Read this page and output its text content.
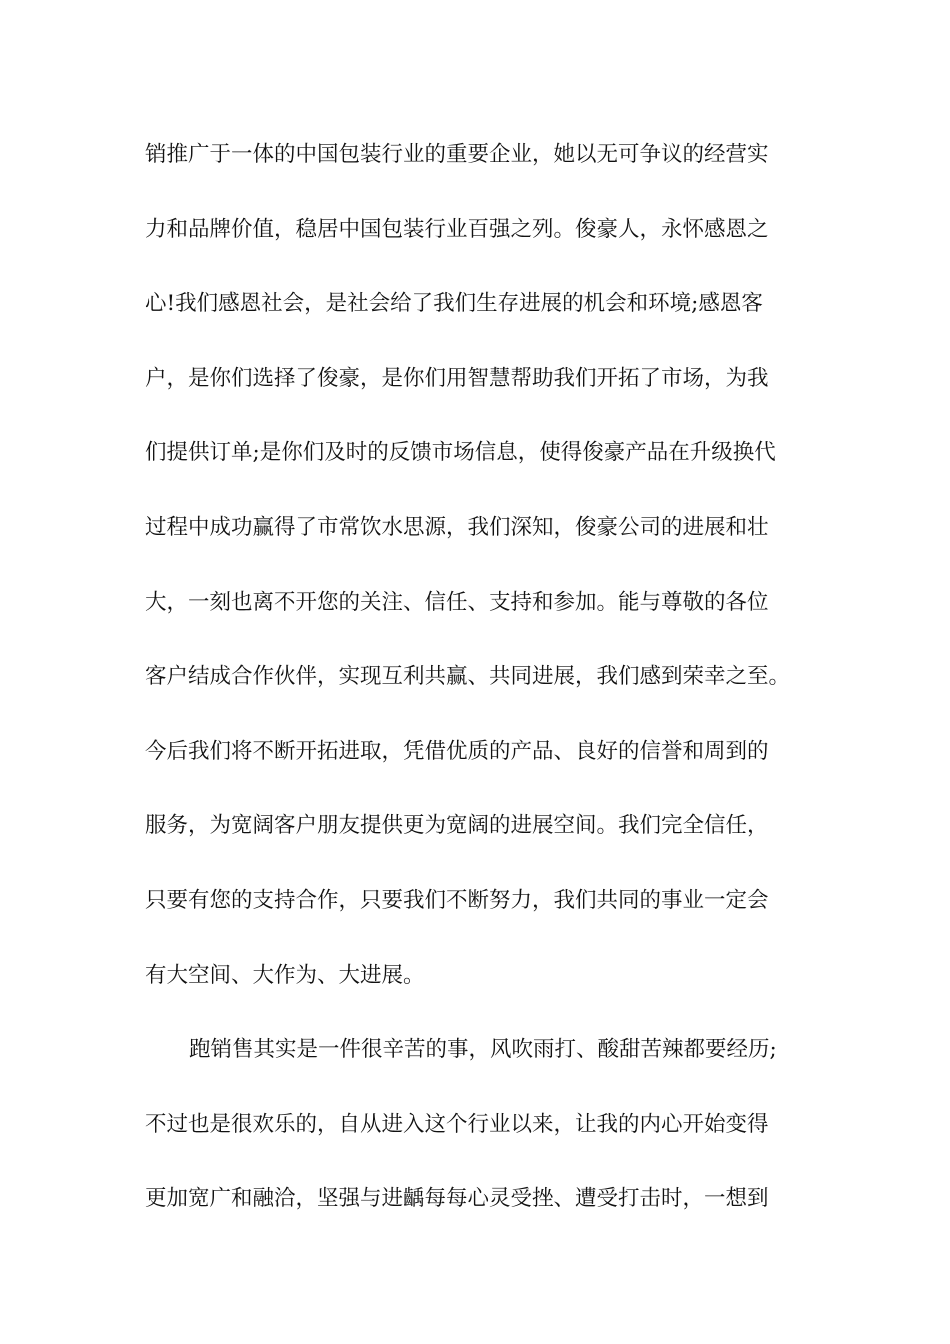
销推广于一体的中国包装行业的重要企业，她以无可争议的经营实
力和品牌价值，稳居中国包装行业百强之列。俊豪人，永怀感恩之
心!我们感恩社会，是社会给了我们生存进展的机会和环境;感恩客
户，是你们选择了俊豪，是你们用智慧帮助我们开拓了市场，为我
们提供订单;是你们及时的反馈市场信息，使得俊豪产品在升级换代
过程中成功赢得了市常饮水思源，我们深知，俊豪公司的进展和壮
大，一刻也离不开您的关注、信任、支持和参加。能与尊敬的各位
客户结成合作伙伴，实现互利共赢、共同进展，我们感到荣幸之至。
今后我们将不断开拓进取，凭借优质的产品、良好的信誉和周到的
服务，为宽阔客户朋友提供更为宽阔的进展空间。我们完全信任，
只要有您的支持合作，只要我们不断努力，我们共同的事业一定会
有大空间、大作为、大进展。
跑销售其实是一件很辛苦的事，风吹雨打、酸甜苦辣都要经历;
不过也是很欢乐的，自从进入这个行业以来，让我的内心开始变得
更加宽广和融洽，坚强与进齲每每心灵受挫、遭受打击时，一想到
